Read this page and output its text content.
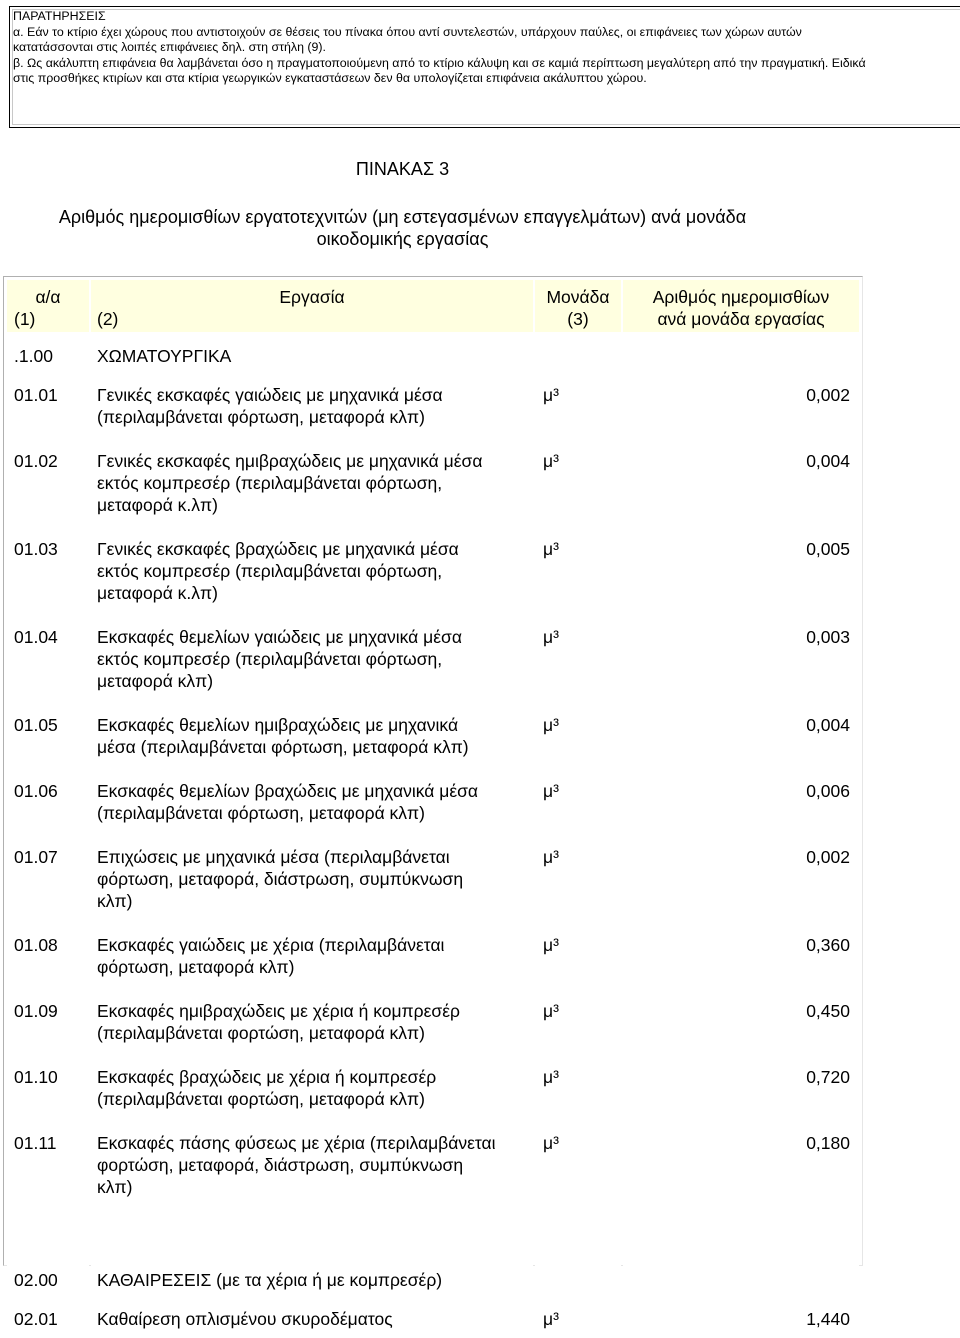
ΠΑΡΑΤΗΡΗΣΕΙΣ

α. Εάν το κτίριο έχει χώρους που αντιστοιχούν σε θέσεις του πίνακα όπου αντί συντελεστών, υπάρχουν παύλες, οι επιφάνειες των χώρων αυτών

κατατάσσονται στις λοιπές επιφάνειες δηλ. στη στήλη (9).

β. Ως ακάλυπτη επιφάνεια θα λαμβάνεται όσο η πραγματοποιούμενη από το κτίριο κάλυψη και σε καμιά περίπτωση μεγαλύτερη από την πραγματική. Ειδικά

στις προσθήκες κτιρίων και στα κτίρια γεωργικών εγκαταστάσεων δεν θα υπολογίζεται επιφάνεια ακάλυπτου χώρου.

ΠΙΝΑΚΑΣ 3
Αριθμός ημερομισθίων εργατοτεχνιτών (μη εστεγασμένων επαγγελμάτων) ανά μονάδα
οικοδομικής εργασίας
α/α
(1)
Εργασία
(2)
Μονάδα
(3)
Αριθμός ημερομισθίων
ανά μονάδα εργασίας
.1.00	ΧΩΜΑΤΟΥΡΓΙΚΑ
01.01 Γενικές εκσκαφές γαιώδεις με μηχανικά μέσα
(περιλαμβάνεται φόρτωση, μεταφορά κλπ)
μ³	0,002
01.02 Γενικές εκσκαφές ημιβραχώδεις με μηχανικά μέσα
εκτός κομπρεσέρ (περιλαμβάνεται φόρτωση,
μεταφορά κ.λπ)
μ³	0,004
01.03 Γενικές εκσκαφές βραχώδεις με μηχανικά μέσα
εκτός κομπρεσέρ (περιλαμβάνεται φόρτωση,
μεταφορά κ.λπ)
μ³	0,005
01.04 Εκσκαφές θεμελίων γαιώδεις με μηχανικά μέσα
εκτός κομπρεσέρ (περιλαμβάνεται φόρτωση,
μεταφορά κλπ)
μ³	0,003
01.05 Εκσκαφές θεμελίων ημιβραχώδεις με μηχανικά
μέσα (περιλαμβάνεται φόρτωση, μεταφορά κλπ)
μ³	0,004
01.06 Εκσκαφές θεμελίων βραχώδεις με μηχανικά μέσα
(περιλαμβάνεται φόρτωση, μεταφορά κλπ)
μ³	0,006
01.07 Επιχώσεις με μηχανικά μέσα (περιλαμβάνεται
φόρτωση, μεταφορά, διάστρωση, συμπύκνωση
κλπ)
μ³	0,002
01.08 Εκσκαφές γαιώδεις με χέρια (περιλαμβάνεται
φόρτωση, μεταφορά κλπ)
μ³	0,360
01.09 Εκσκαφές ημιβραχώδεις με χέρια ή κομπρεσέρ
(περιλαμβάνεται φορτώση, μεταφορά κλπ)
μ³	0,450
01.10 Εκσκαφές βραχώδεις με χέρια ή κομπρεσέρ
(περιλαμβάνεται φορτώση, μεταφορά κλπ)
μ³	0,720
01.11 Εκσκαφές πάσης φύσεως με χέρια (περιλαμβάνεται
φορτώση, μεταφορά, διάστρωση, συμπύκνωση
κλπ)
μ³	0,180
02.00 ΚΑΘΑΙΡΕΣΕΙΣ (με τα χέρια ή με κομπρεσέρ)
02.01 Καθαίρεση οπλισμένου σκυροδέματος	μ³	1,440
